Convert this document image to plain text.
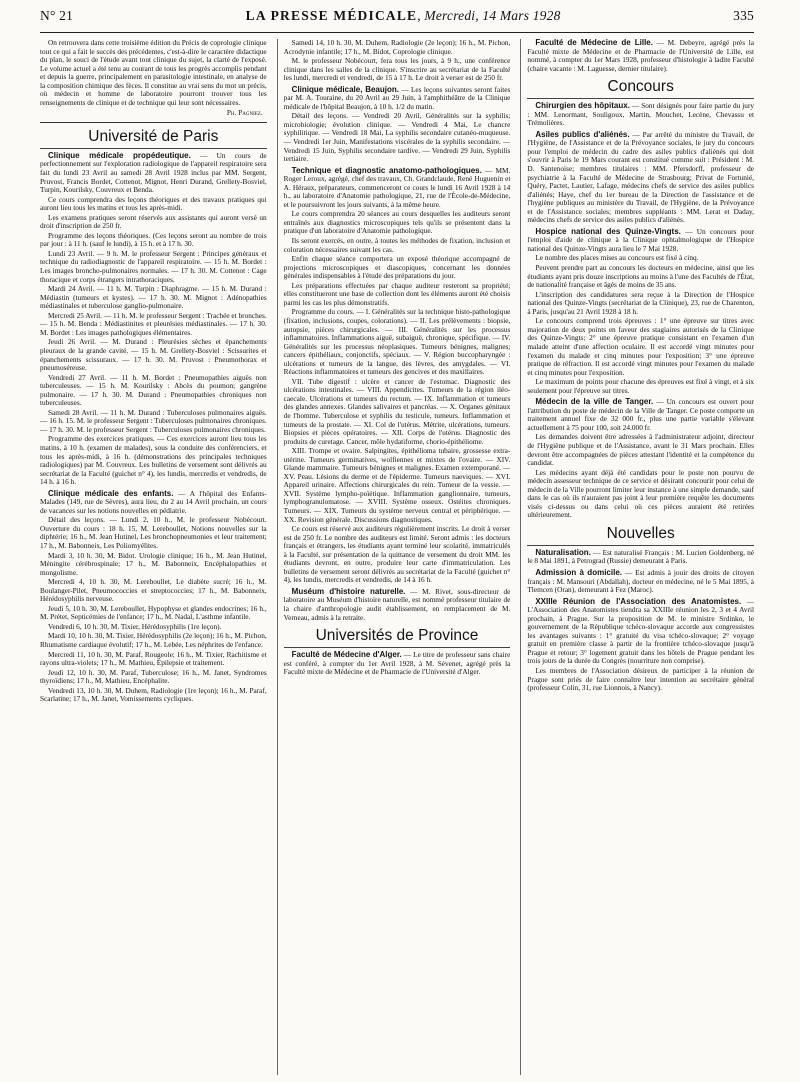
N° 21	LA PRESSE MÉDICALE, Mercredi, 14 Mars 1928	335

On retrouvera dans cette troisième édition du Précis de coprologie clinique tout ce qui a fait le succès des précédentes, c'est-à-dire le caractère didactique du plan, le souci de l'étude avant tout clinique du sujet, la clarté de l'exposé. Le volume actuel a été tenu au courant de tous les progrès accomplis pendant et depuis la guerre, principalement en parasitologie intestinale, en analyse de la composition chimique des fèces. Il constitue au vrai sens du mot un précis, où médecin et homme de laboratoire pourront trouver tous les renseignements de clinique et de technique qui leur sont nécessaires.

Ph. Pagniez.
Université de Paris

Clinique médicale propédeutique. — Un cours de perfectionnement sur l'exploration radiologique de l'appareil respiratoire sera fait du lundi 23 Avril au samedi 28 Avril 1928 inclus par MM. Sergent, Pruvost, Francis Bordet, Cottenot, Mignot, Henri Durand, Grellety-Bosviel, Turpin, Kourilsky, Couvreux et Benda.

Ce cours comprendra des leçons théoriques et des travaux pratiques qui auront lieu tous les matins et tous les après-midi.

Les examens pratiques seront réservés aux assistants qui auront versé un droit d'inscription de 250 fr.

Programme des leçons théoriques. (Ces leçons seront au nombre de trois par jour : à 11 h. (sauf le lundi), à 15 h. et à 17 h. 30.

Lundi 23 Avril. — 9 h. M. le professeur Sergent : Principes généraux et technique du radiodiagnostic de l'appareil respiratoire. — 15 h. M. Bordet : Les images broncho-pulmonaires normales. — 17 h. 30. M. Cottenot : Cage thoracique et corps étrangers intrathoraciques.

Mardi 24 Avril. — 11 h. M. Turpin : Diaphragme. — 15 h. M. Durand : Médiastin (tumeurs et kystes). — 17 h. 30. M. Mignot : Adénopathies médiastinales et tuberculose ganglio-pulmonaire.

Mercredi 25 Avril. — 11 h. M. le professeur Sergent : Trachée et bronches. — 15 h. M. Benda : Médiastinites et pleurésies médiastinales. — 17 h. 30. M. Bordet : Les images pathologiques élémentaires.

Jeudi 26 Avril. — M. Durand : Pleurésies sèches et épanchements pleuraux de la grande cavité. — 15 h. M. Grellety-Bosviel : Scissurites et épanchements scissuraux. — 17 h. 30. M. Pruvost : Pneumothorax et pneumoséreuse.

Vendredi 27 Avril. — 11 h. M. Bordet : Pneumopathies aiguës non tuberculeuses. — 15 h. M. Kourilsky : Abcès du poumon; gangrène pulmonaire. — 17 h. 30. M. Durand : Pneumopathies chroniques non tuberculeuses.

Samedi 28 Avril. — 11 h. M. Durand : Tuberculoses pulmonaires aiguës. — 16 h. 15. M. le professeur Sergent : Tuberculoses pulmonaires chroniques. — 17 h. 30. M. le professeur Sergent : Tuberculoses pulmonaires chroniques.

Programme des exercices pratiques. — Ces exercices auront lieu tous les matins, à 10 h. (examen de malades), sous la conduite des conférenciers, et tous les après-midi, à 16 h. (démonstrations des principales techniques radiologiques) par M. Couvreux. Les bulletins de versement sont délivrés au secrétariat de la Faculté (guichet n° 4), les lundis, mercredis et vendredis, de 14 h. à 16 h.

Clinique médicale des enfants. — A l'hôpital des Enfants-Malades (149, rue de Sèvres), aura lieu, du 2 au 14 Avril prochain, un cours de vacances sur les notions nouvelles en pédiatrie.

Détail des leçons. — Lundi 2, 10 h., M. le professeur Nobécourt. Ouverture du cours : 18 h. 15, M. Lereboullet, Notions nouvelles sur la diphtérie; 16 h., M. Jean Hutinel, Les bronchopneumonies et leur traitement; 17 h., M. Babonneix, Les Poliomyélites.

Mardi 3, 10 h. 30, M. Bidot. Urologie clinique; 16 h., M. Jean Hutinel, Méningite cérébrospinale; 17 h., M. Babonneix, Encéphalopathies et mongolisme.

Mercredi 4, 10 h. 30, M. Lereboullet, Le diabète sucré; 16 h., M. Boulanger-Pilet, Pneumococcies et streptococcies; 17 h., M. Babonneix, Hérédosyphilis nerveuse.

Jeudi 5, 10 h. 30, M. Lereboullet, Hypophyse et glandes endocrines; 16 h., M. Prétet, Septicémies de l'enfance; 17 h., M. Nadal, L'asthme infantile.

Vendredi 6, 10 h. 30, M. Tixier, Hérédosyphilis (1re leçon).

Mardi 10, 10 h. 30, M. Tixier, Hérédosyphilis (2e leçon); 16 h., M. Pichon, Rhumatisme cardiaque évolutif; 17 h., M. Lebée, Les néphrites de l'enfance.

Mercredi 11, 10 h. 30, M. Paraf, Rougeole; 16 h., M. Tixier, Rachitisme et rayons ultra-violets; 17 h., M. Mathieu, Épilepsie et traitement.

Jeudi 12, 10 h. 30, M. Paraf, Tuberculose; 16 h., M. Janet, Syndromes thyroïdiens; 17 h., M. Mathieu, Encéphalite.

Vendredi 13, 10 h. 30, M. Duhem, Radiologie (1re leçon); 16 h., M. Paraf, Scarlatine; 17 h., M. Janet, Vomissements cycliques.

Samedi 14, 10 h. 30, M. Duhem, Radiologie (2e leçon); 16 h., M. Pichon, Acrodynie infantile; 17 h., M. Bidot, Coprologie clinique.

M. le professeur Nobécourt, fera tous les jours, à 9 h., une conférence clinique dans les salles de la clinique. S'inscrire au secrétariat de la Faculté les lundi, mercredi et vendredi, de 15 à 17 h. Le droit à verser est de 250 fr.

Clinique médicale, Beaujon. — Les leçons suivantes seront faites par M. A. Touraine, du 20 Avril au 29 Juin, à l'amphithéâtre de la Clinique médicale de l'hôpital Beaujon, à 10 h. 1/2 du matin.

Détail des leçons. — Vendredi 20 Avril, Généralités sur la syphilis; microbiologie; évolution clinique. — Vendredi 4 Mai, Le chancre syphilitique. — Vendredi 18 Mai, La syphilis secondaire cutanéo-muqueuse. — Vendredi 1er Juin, Manifestations viscérales de la syphilis secondaire. — Vendredi 15 Juin, Syphilis secondaire tardive. — Vendredi 29 Juin, Syphilis tertiaire.

Technique et diagnostic anatomo-pathologiques. — MM. Roger Leroux, agrégé, chef des travaux, Ch. Grandclaude, René Huguenin et A. Héraux, préparateurs, commenceront ce cours le lundi 16 Avril 1928 à 14 h., au laboratoire d'Anatomie pathologique, 21, rue de l'École-de-Médecine, et le poursuivront les jours suivants, à la même heure.

Le cours comprendra 20 séances au cours desquelles les auditeurs seront entraînés aux diagnostics microscopiques tels qu'ils se présentent dans la pratique d'un laboratoire d'Anatomie pathologique.

Ils seront exercés, en outre, à toutes les méthodes de fixation, inclusion et coloration nécessaires suivant les cas.

Enfin chaque séance comportera un exposé théorique accompagné de projections microscopiques et diascopiques, concernant les données générales indispensables à l'étude des préparations du jour.

Les préparations effectuées par chaque auditeur resteront sa propriété; elles constitueront une base de collection dont les éléments auront été choisis parmi les cas les plus démonstratifs.

Programme du cours. — I. Généralités sur la technique histo-pathologique (fixation, inclusions, coupes, colorations). — II. Les prélèvements : biopsie, autopsie, pièces chirurgicales. — III. Généralités sur les processus inflammatoires. Inflammations aiguë, subaiguë, chronique, spécifique. — IV. Généralités sur les processus néoplasiques. Tumeurs bénignes, malignes; cancers épithéliaux, conjonctifs, spéciaux. — V. Région buccopharyngée : ulcérations et tumeurs de la langue, des lèvres, des amygdales. — VI. Réactions inflammatoires et tumeurs des gencives et des maxillaires.

VII. Tube digestif : ulcère et cancer de l'estomac. Diagnostic des ulcérations intestinales. — VIII. Appendicites. Tumeurs de la région iléo-caecale. Ulcérations et tumeurs du rectum. — IX. Inflammation et tumeurs des glandes annexes. Glandes salivaires et pancréas. — X. Organes génitaux de l'homme. Tuberculose et syphilis du testicule, tumeurs. Inflammation et tumeurs de la prostate. — XI. Col de l'utérus. Métrite, ulcérations, tumeurs. Biopsies et pièces opératoires. — XII. Corps de l'utérus. Diagnostic des produits de curetage. Cancer, môle hydatiforme, chorio-épithéliome.

XIII. Trompe et ovaire. Salpingites, épithélioma tubaire, grossesse extra-utérine. Tumeurs germinatives, wolfiennes et mixtes de l'ovaire. — XIV. Glande mammaire. Tumeurs bénignes et malignes. Examen extemporané. — XV. Peau. Lésions du derme et de l'épiderme. Tumeurs naeviques. — XVI. Appareil urinaire. Affections chirurgicales du rein. Tumeur de la vessie. — XVII. Système lympho-poïétique. Inflammation ganglionnaire, tumeurs, lymphogranulomatose. — XVIII. Système osseux. Ostéites chroniques. Tumeurs. — XIX. Tumeurs du système nerveux central et périphérique. — XX. Revision générale. Discussions diagnostiques.

Ce cours est réservé aux auditeurs régulièrement inscrits. Le droit à verser est de 250 fr. Le nombre des auditeurs est limité. Seront admis : les docteurs français et étrangers, les étudiants ayant terminé leur scolarité, immatriculés à la Faculté, sur présentation de la quittance de versement du droit MM. les étudiants devront, en outre, produire leur carte d'immatriculation. Les bulletins de versement seront délivrés au secrétariat de la Faculté (guichet n° 4), les lundis, mercredis et vendredis, de 14 à 16 h.

Muséum d'histoire naturelle. — M. Rivet, sous-directeur de laboratoire au Muséum d'histoire naturelle, est nommé professeur titulaire de la chaire d'anthropologie audit établissement, en remplacement de M. Verneau, admis à la retraite.

Universités de Province

Faculté de Médecine d'Alger. — Le titre de professeur sans chaire est conféré, à compter du 1er Avril 1928, à M. Sévenet, agrégé près la Faculté mixte de Médecine et de Pharmacie de l'Université d'Alger.

Faculté de Médecine de Lille. — M. Debeyre, agrégé près la Faculté mixte de Médecine et de Pharmacie de l'Université de Lille, est nommé, à compter du 1er Mars 1928, professeur d'histologie à ladite Faculté (chaire vacante : M. Laguesse, dernier titulaire).

Concours

Chirurgien des hôpitaux. — Sont désignés pour faire partie du jury : MM. Lenormant, Souligoux, Martin, Mouchet, Lecène, Chevassu et Trémolières.

Asiles publics d'aliénés. — Par arrêté du ministre du Travail, de l'Hygiène, de l'Assistance et de la Prévoyance sociales, le jury du concours pour l'emploi de médecin du cadre des asiles publics d'aliénés qui doit s'ouvrir à Paris le 19 Mars courant est constitué comme suit : Président : M. D. Santenoise; membres titulaires : MM. Pfersdorff, professeur de psychiatrie à la Faculté de Médecine de Strasbourg; Privat de Fortunié, Quéry, Pactet, Lautier, Lafage, médecins chefs de service des asiles publics d'aliénés; Haye, chef du 1er bureau de la Direction de l'assistance et de l'hygiène publiques au ministère du Travail, de l'Hygiène, de la Prévoyance et de l'Assistance sociales; membres suppléants : MM. Lerat et Daday, médecins chefs de service des asiles publics d'aliénés.

Hospice national des Quinze-Vingts. — Un concours pour l'emploi d'aide de clinique à la Clinique ophtalmologique de l'Hospice national des Quinze-Vingts aura lieu le 7 Mai 1928.

Le nombre des places mises au concours est fixé à cinq.

Peuvent prendre part au concours les docteurs en médecine, ainsi que les étudiants ayant pris douze inscriptions au moins à l'une des Facultés de l'État, de nationalité française et âgés de moins de 35 ans.

L'inscription des candidatures sera reçue à la Direction de l'Hospice national des Quinze-Vingts (secrétariat de la Clinique), 23, rue de Charenton, à Paris, jusqu'au 21 Avril 1928 à 18 h.

Le concours comprend trois épreuves : 1° une épreuve sur titres avec majoration de deux points en faveur des stagiaires autorisés de la Clinique des Quinze-Vingts; 2° une épreuve pratique consistant en l'examen d'un malade atteint d'une affection oculaire. Il est accordé vingt minutes pour l'examen du malade et cinq minutes pour l'exposition; 3° une épreuve pratique de réfraction. Il est accordé vingt minutes pour l'examen du malade et cinq minutes pour l'exposition.

Le maximum de points pour chacune des épreuves est fixé à vingt, et à six seulement pour l'épreuve sur titres.

Médecin de la ville de Tanger. — Un concours est ouvert pour l'attribution du poste de médecin de la Ville de Tanger. Ce poste comporte un traitement annuel fixe de 32 000 fr., plus une partie variable s'élevant actuellement à 75 pour 100, soit 24.000 fr.

Les demandes doivent être adressées à l'administrateur adjoint, directeur de l'Hygiène publique et de l'Assistance, avant le 31 Mars prochain. Elles devront être accompagnées de pièces attestant l'identité et la compétence du candidat.

Les médecins ayant déjà été candidats pour le poste non pourvu de médecin assesseur technique de ce service et désirant concourir pour celui de médecin de la Ville pourront limiter leur instance à une simple demande, sauf dans le cas où ils n'auraient pas joint à leur première requête les documents visés ci-dessus ou dans celui où ces pièces auraient été retirées ultérieurement.

Nouvelles

Naturalisation. — Est naturalisé Français : M. Lucien Goldenberg, né le 8 Mai 1891, à Petrograd (Russie) demeurant à Paris.

Admission à domicile. — Est admis à jouir des droits de citoyen français : M. Mansouri (Abdallah), docteur en médecine, né le 5 Mai 1895, à Tlemcen (Oran), demeurant à Fez (Maroc).

XXIIIe Réunion de l'Association des Anatomistes. — L'Association des Anatomistes tiendra sa XXIIIe réunion les 2, 3 et 4 Avril prochain, à Prague. Sur la proposition de M. le ministre Srdinko, le gouvernement de la République tchéco-slovaque accorde aux congressistes les avantages suivants : 1° gratuité du visa tchéco-slovaque; 2° voyage gratuit en première classe à partir de la frontière tchéco-slovaque jusqu'à Prague et retour; 3° logement gratuit dans les hôtels de Prague pendant les trois jours de la durée du Congrès (nourriture non comprise).

Les membres de l'Association désireux de participer à la réunion de Prague sont priés de faire connaître leur intention au secrétaire général (professeur Colin, 31, rue Lionnois, à Nancy).
